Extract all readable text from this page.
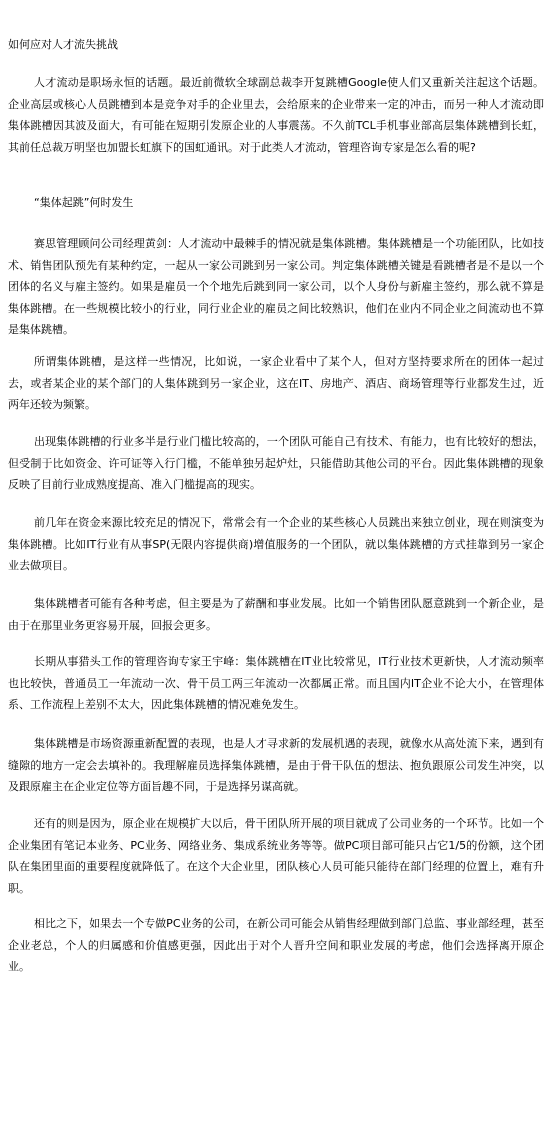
如何应对人才流失挑战

人才流动是职场永恒的话题。最近前微软全球副总裁李开复跳槽Google使人们又重新关注起这个话题。企业高层或核心人员跳槽到本是竞争对手的企业里去，会给原来的企业带来一定的冲击，而另一种人才流动即集体跳槽因其波及面大，有可能在短期引发原企业的人事震荡。不久前TCL手机事业部高层集体跳槽到长虹，其前任总裁万明坚也加盟长虹旗下的国虹通讯。对于此类人才流动，管理咨询专家是怎么看的呢?

“集体起跳”何时发生

赛思管理顾问公司经理黄剑：人才流动中最棘手的情况就是集体跳槽。集体跳槽是一个功能团队，比如技术、销售团队预先有某种约定，一起从一家公司跳到另一家公司。判定集体跳槽关键是看跳槽者是不是以一个团体的名义与雇主签约。如果是雇员一个个地先后跳到同一家公司，以个人身份与新雇主签约，那么就不算是集体跳槽。在一些规模比较小的行业，同行业企业的雇员之间比较熟识，他们在业内不同企业之间流动也不算是集体跳槽。

所谓集体跳槽，是这样一些情况，比如说，一家企业看中了某个人，但对方坚持要求所在的团体一起过去，或者某企业的某个部门的人集体跳到另一家企业，这在IT、房地产、酒店、商场管理等行业都发生过，近两年还较为频繁。

出现集体跳槽的行业多半是行业门槛比较高的，一个团队可能自己有技术、有能力，也有比较好的想法，但受制于比如资金、许可证等入行门槛，不能单独另起炉灶，只能借助其他公司的平台。因此集体跳槽的现象反映了目前行业成熟度提高、准入门槛提高的现实。

前几年在资金来源比较充足的情况下，常常会有一个企业的某些核心人员跳出来独立创业，现在则演变为集体跳槽。比如IT行业有从事SP(无限内容提供商)增值服务的一个团队，就以集体跳槽的方式挂靠到另一家企业去做项目。

集体跳槽者可能有各种考虑，但主要是为了薪酬和事业发展。比如一个销售团队愿意跳到一个新企业，是由于在那里业务更容易开展，回报会更多。

长期从事猎头工作的管理咨询专家王宇峰：集体跳槽在IT业比较常见，IT行业技术更新快，人才流动频率也比较快，普通员工一年流动一次、骨干员工两三年流动一次都属正常。而且国内IT企业不论大小，在管理体系、工作流程上差别不太大，因此集体跳槽的情况难免发生。

集体跳槽是市场资源重新配置的表现，也是人才寻求新的发展机遇的表现，就像水从高处流下来，遇到有缝隙的地方一定会去填补的。我理解雇员选择集体跳槽，是由于骨干队伍的想法、抱负跟原公司发生冲突，以及跟原雇主在企业定位等方面旨趣不同，于是选择另谋高就。

还有的则是因为，原企业在规模扩大以后，骨干团队所开展的项目就成了公司业务的一个环节。比如一个企业集团有笔记本业务、PC业务、网络业务、集成系统业务等等。做PC项目部可能只占它1/5的份额，这个团队在集团里面的重要程度就降低了。在这个大企业里，团队核心人员可能只能待在部门经理的位置上，难有升职。

相比之下，如果去一个专做PC业务的公司，在新公司可能会从销售经理做到部门总监、事业部经理，甚至企业老总，个人的归属感和价值感更强，因此出于对个人晋升空间和职业发展的考虑，他们会选择离开原企业。
